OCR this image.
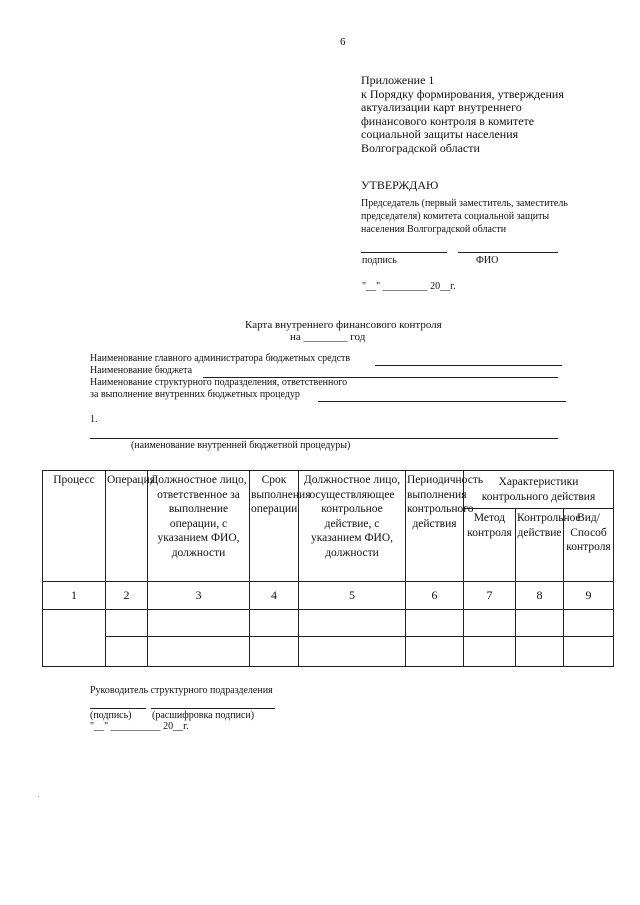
6
Приложение 1
к Порядку формирования, утверждения
актуализации карт внутреннего
финансового контроля в комитете
социальной защиты населения
Волгоградской области
УТВЕРЖДАЮ
Председатель (первый заместитель, заместитель
председателя) комитета социальной защиты
населения Волгоградской области
подпись	ФИО
"__" _________ 20__г.
Карта внутреннего финансового контроля
на ________ год
Наименование главного администратора бюджетных средств
Наименование бюджета
Наименование структурного подразделения, ответственного
за выполнение внутренних бюджетных процедур
1.
(наименование внутренней бюджетной процедуры)
Процесс	Операция	Должностное лицо, ответственное за выполнение операции, с указанием ФИО, должности	Срок выполнения операции	Должностное лицо, осуществляющее контрольное действие, с указанием ФИО, должности	Периодичность выполнения контрольного действия	Характеристики контрольного действия		
						Метод контроля	Контрольное действие	Вид/Способ контроля
1	2	3	4	5	6	7	8	9

Руководитель структурного подразделения
(подпись) (расшифровка подписи)
"__" __________ 20__г.
